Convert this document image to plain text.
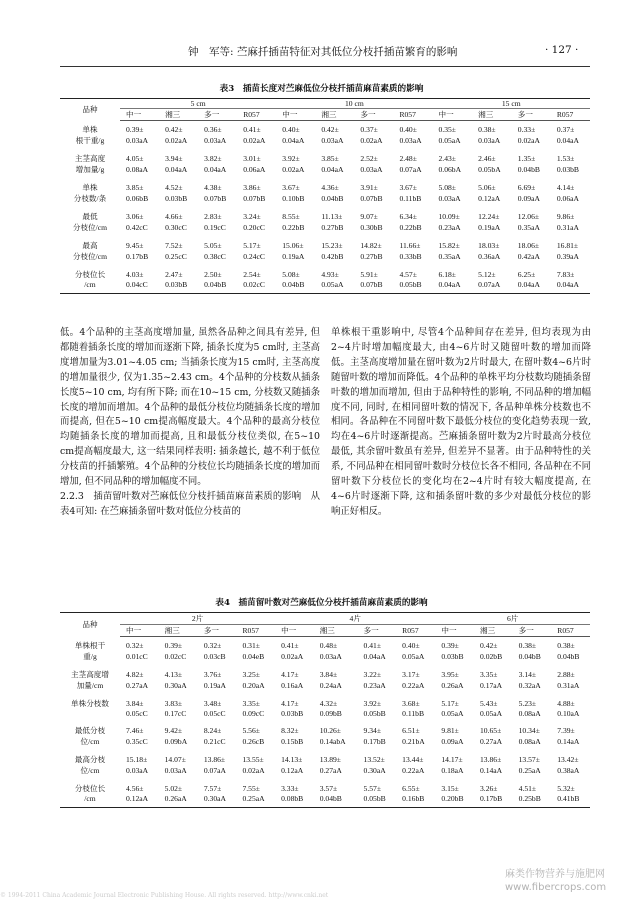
钟　军等: 苎麻扦插苗特征对其低位分枝扦插苗繁育的影响	· 127 ·
表3　插苗长度对苎麻低位分枝扦插苗麻苗素质的影响
品种	5 cm				10 cm				15 cm			
	中一	湘三	多一	R057	中一	湘三	多一	R057	中一	湘三	多一	R057
单株	0.39±	0.42±	0.36±	0.41±	0.40±	0.42±	0.37±	0.40±	0.35±	0.38±	0.33±	0.37±
根干重/g	0.03aA	0.02aA	0.03aA	0.02aA	0.04aA	0.03aA	0.02aA	0.03aA	0.05aA	0.03aA	0.02aA	0.04aA
主茎高度	4.05±	3.94±	3.82±	3.01±	3.92±	3.85±	2.52±	2.48±	2.43±	2.46±	1.35±	1.53±
增加量/g	0.08aA	0.04aA	0.04aA	0.06aA	0.02aA	0.04aA	0.03aA	0.07aA	0.06bA	0.05bA	0.04bB	0.03bB
单株	3.85±	4.52±	4.38±	3.86±	3.67±	4.36±	3.91±	3.67±	5.08±	5.06±	6.69±	4.14±
分枝数/条	0.06bB	0.03bB	0.07bB	0.07bB	0.10bB	0.04bB	0.07bB	0.11bB	0.03aA	0.12aA	0.09aA	0.06aA
最低	3.06±	4.66±	2.83±	3.24±	8.55±	11.13±	9.07±	6.34±	10.09±	12.24±	12.06±	9.86±
分枝位/cm	0.42cC	0.30cC	0.19cC	0.20cC	0.22bB	0.27bB	0.30bB	0.22bB	0.23aA	0.19aA	0.35aA	0.31aA
最高	9.45±	7.52±	5.05±	5.17±	15.06±	15.23±	14.82±	11.66±	15.82±	18.03±	18.06±	16.81±
分枝位/cm	0.17bB	0.25cC	0.38cC	0.24cC	0.19aA	0.42bB	0.27bB	0.33bB	0.35aA	0.36aA	0.42aA	0.39aA
分枝位长	4.03±	2.47±	2.50±	2.54±	5.08±	4.93±	5.91±	4.57±	6.18±	5.12±	6.25±	7.83±
/cm	0.04cC	0.03bB	0.04bB	0.02cC	0.04bB	0.05aA	0.07bB	0.05bB	0.04aA	0.07aA	0.04aA	0.04aA

低。4个品种的主茎高度增加量, 虽然各品种之间具有差异, 但都随着插条长度的增加而逐渐下降, 插条长度为5 cm时, 主茎高度增加量为3.01~4.05 cm; 当插条长度为15 cm时, 主茎高度的增加量很少, 仅为1.35~2.43 cm。4个品种的分枝数从插条长度5~10 cm, 均有所下降; 而在10~15 cm, 分枝数又随插条长度的增加而增加。4个品种的最低分枝位均随插条长度的增加而提高, 但在5~10 cm提高幅度最大。4个品种的最高分枝位均随插条长度的增加而提高, 且和最低分枝位类似, 在5~10 cm提高幅度最大, 这一结果同样表明: 插条越长, 越不利于低位分枝苗的扦插繁殖。4个品种的分枝位长均随插条长度的增加而增加, 但不同品种的增加幅度不同。

2.2.3　插苗留叶数对苎麻低位分枝扦插苗麻苗素质的影响　从表4可知: 在苎麻插条留叶数对低位分枝苗的

单株根干重影响中, 尽管4个品种间存在差异, 但均表现为由2~4片时增加幅度最大, 由4~6片时又随留叶数的增加而降低。主茎高度增加量在留叶数为2片时最大, 在留叶数4~6片时随留叶数的增加而降低。4个品种的单株平均分枝数均随插条留叶数的增加而增加, 但由于品种特性的影响, 不同品种的增加幅度不同, 同时, 在相同留叶数的情况下, 各品种单株分枝数也不相同。各品种在不同留叶数下最低分枝位的变化趋势表现一致, 均在4~6片时逐渐提高。苎麻插条留叶数为2片时最高分枝位最低, 其余留叶数虽有差异, 但差异不显著。由于品种特性的关系, 不同品种在相同留叶数时分枝位长各不相同, 各品种在不同留叶数下分枝位长的变化均在2~4片时有较大幅度提高, 在4~6片时逐渐下降, 这和插条留叶数的多少对最低分枝位的影响正好相反。

表4　插苗留叶数对苎麻低位分枝扦插苗麻苗素质的影响
品种	2片				4片				6片			
	中一	湘三	多一	R057	中一	湘三	多一	R057	中一	湘三	多一	R057
单株根干	0.32±	0.39±	0.32±	0.31±	0.41±	0.48±	0.41±	0.40±	0.39±	0.42±	0.38±	0.38±
重/g	0.01cC	0.02cC	0.03cB	0.04eB	0.02aA	0.03aA	0.04aA	0.05aA	0.03bB	0.02bB	0.04bB	0.04bB
主茎高度增	4.82±	4.13±	3.76±	3.25±	4.17±	3.84±	3.22±	3.17±	3.95±	3.35±	3.14±	2.88±
加量/cm	0.27aA	0.30aA	0.19aA	0.20aA	0.16aA	0.24aA	0.23aA	0.22aA	0.26aA	0.17aA	0.32aA	0.31aA
单株分枝数	3.84±	3.83±	3.48±	3.35±	4.17±	4.32±	3.92±	3.68±	5.17±	5.43±	5.23±	4.88±
	0.05cC	0.17cC	0.05cC	0.09cC	0.03bB	0.09bB	0.05bB	0.11bB	0.05aA	0.05aA	0.08aA	0.10aA
最低分枝	7.46±	9.42±	8.24±	5.56±	8.32±	10.26±	9.34±	6.51±	9.81±	10.65±	10.34±	7.39±
位/cm	0.35cC	0.09bA	0.21cC	0.26cB	0.15bB	0.14abA	0.17bB	0.21bA	0.09aA	0.27aA	0.08aA	0.14aA
最高分枝	15.18±	14.07±	13.86±	13.55±	14.13±	13.89±	13.52±	13.44±	14.17±	13.86±	13.57±	13.42±
位/cm	0.03aA	0.03aA	0.07aA	0.02aA	0.12aA	0.27aA	0.30aA	0.22aA	0.18aA	0.14aA	0.25aA	0.38aA
分枝位长	4.56±	5.02±	7.57±	7.55±	3.33±	3.57±	5.57±	6.55±	3.15±	3.26±	4.51±	5.32±
/cm	0.12aA	0.26aA	0.30aA	0.25aA	0.08bB	0.04bB	0.05bB	0.16bB	0.20bB	0.17bB	0.25bB	0.41bB
麻类作物营养与施肥网
www.fibercrops.com
© 1994-2011 China Academic Journal Electronic Publishing House. All rights reserved. http://www.cnki.net
